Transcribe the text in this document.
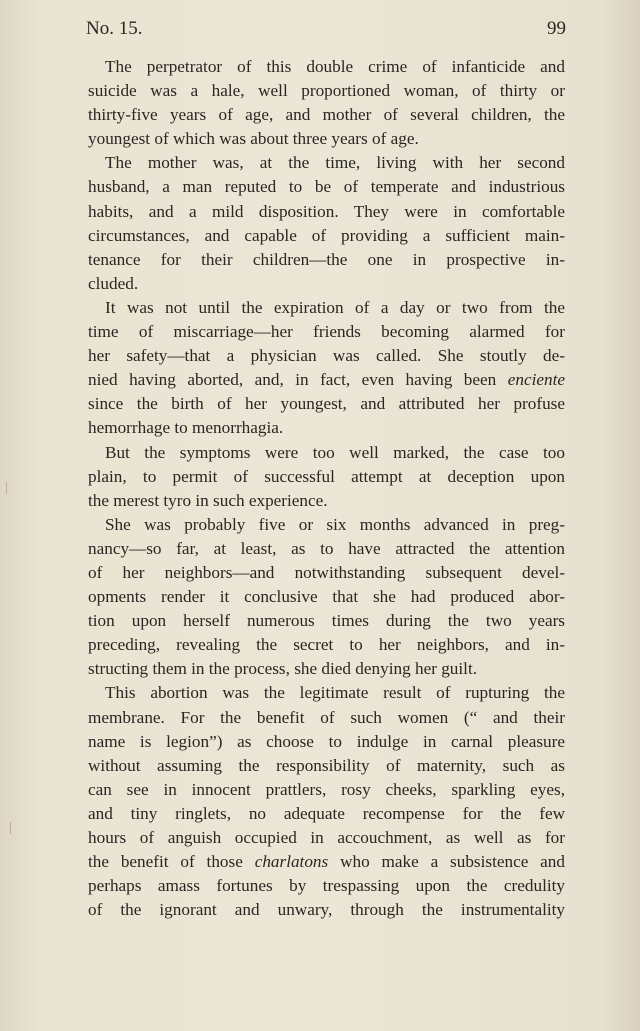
No. 15.	99
The perpetrator of this double crime of infanticide and
suicide was a hale, well proportioned woman, of thirty or
thirty-five years of age, and mother of several children, the
youngest of which was about three years of age.
The mother was, at the time, living with her second
husband, a man reputed to be of temperate and industrious
habits, and a mild disposition. They were in comfortable
circumstances, and capable of providing a sufficient main-
tenance for their children—the one in prospective in-
cluded.
It was not until the expiration of a day or two from the
time of miscarriage—her friends becoming alarmed for
her safety—that a physician was called. She stoutly de-
nied having aborted, and, in fact, even having been enciente
since the birth of her youngest, and attributed her profuse
hemorrhage to menorrhagia.
But the symptoms were too well marked, the case too
plain, to permit of successful attempt at deception upon
the merest tyro in such experience.
She was probably five or six months advanced in preg-
nancy—so far, at least, as to have attracted the attention
of her neighbors—and notwithstanding subsequent devel-
opments render it conclusive that she had produced abor-
tion upon herself numerous times during the two years
preceding, revealing the secret to her neighbors, and in-
structing them in the process, she died denying her guilt.
This abortion was the legitimate result of rupturing the
membrane. For the benefit of such women (“ and their
name is legion”) as choose to indulge in carnal pleasure
without assuming the responsibility of maternity, such as
can see in innocent prattlers, rosy cheeks, sparkling eyes,
and tiny ringlets, no adequate recompense for the few
hours of anguish occupied in accouchment, as well as for
the benefit of those charlatons who make a subsistence and
perhaps amass fortunes by trespassing upon the credulity
of the ignorant and unwary, through the instrumentality
